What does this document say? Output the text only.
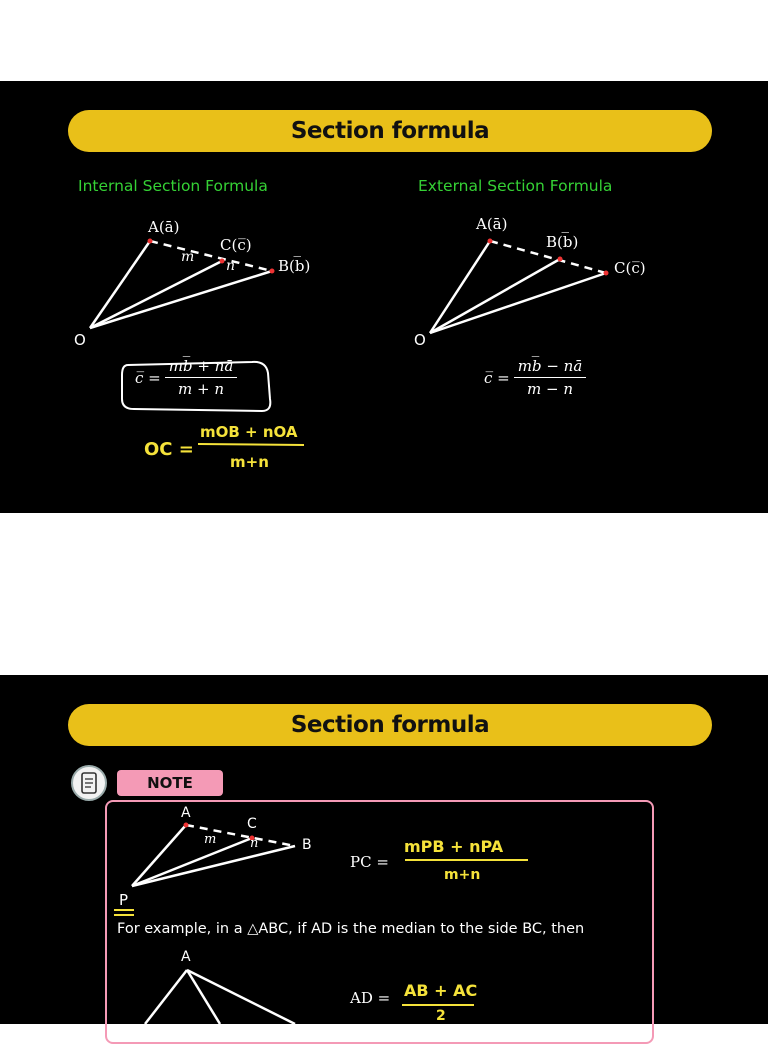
Section formula
Internal Section Formula	External Section Formula
A(ā)
C(c̅)
B(b̅)
m
n
O
c̅ = $\frac{mb̅ + nā}{m + n}$
OC =
mOB + nOA
m+n
A(ā)
B(b̅)
C(c̅)
O
c̅ = $\frac{mb̅ - nā}{m - n}$
Section formula
NOTE
A
C
B
m	n
P
PC =
mPB + nPA
m+n
For example, in a △ABC, if AD is the median to the side BC, then
A
AD = AB + AC
2
